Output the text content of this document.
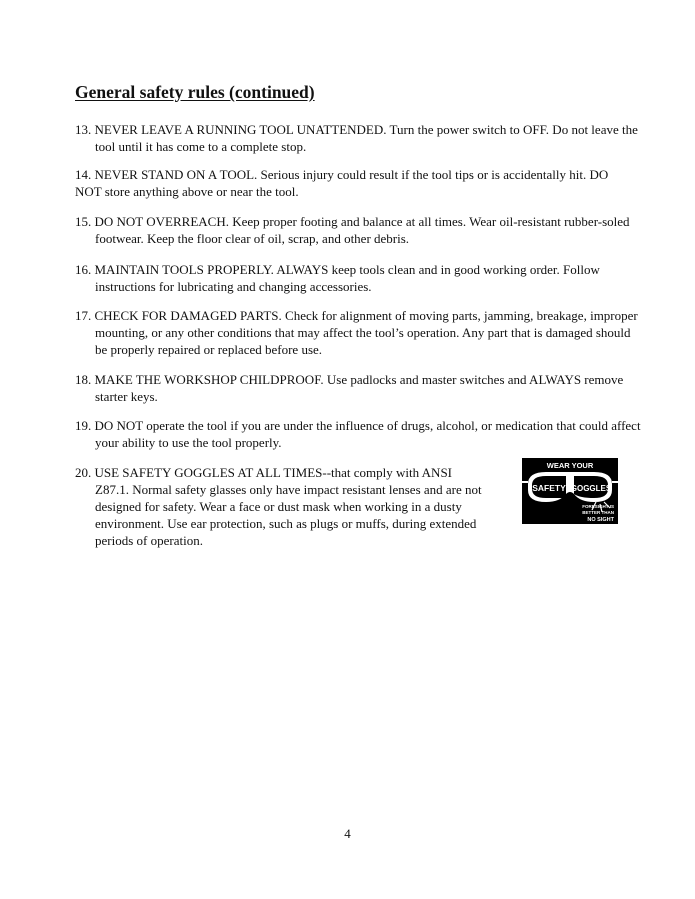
General safety rules (continued)

13. NEVER LEAVE A RUNNING TOOL UNATTENDED. Turn the power switch to OFF. Do not leave the tool until it has come to a complete stop.

14. NEVER STAND ON A TOOL. Serious injury could result if the tool tips or is accidentally hit. DO NOT store anything above or near the tool.

15. DO NOT OVERREACH. Keep proper footing and balance at all times. Wear oil-resistant rubber-soled footwear. Keep the floor clear of oil, scrap, and other debris.

16. MAINTAIN TOOLS PROPERLY. ALWAYS keep tools clean and in good working order. Follow instructions for lubricating and changing accessories.

17. CHECK FOR DAMAGED PARTS. Check for alignment of moving parts, jamming, breakage, improper mounting, or any other conditions that may affect the tool’s operation. Any part that is damaged should be properly repaired or replaced before use.

18. MAKE THE WORKSHOP CHILDPROOF. Use padlocks and master switches and ALWAYS remove starter keys.

19. DO NOT operate the tool if you are under the influence of drugs, alcohol, or medication that could affect your ability to use the tool properly.

20. USE SAFETY GOGGLES AT ALL TIMES--that comply with ANSI Z87.1. Normal safety glasses only have impact resistant lenses and are not designed for safety. Wear a face or dust mask when working in a dusty environment. Use ear protection, such as plugs or muffs, during extended periods of operation.

WEAR YOUR
SAFETY GOGGLES
FORESIGHT IS
BETTER THAN
NO SIGHT

4
